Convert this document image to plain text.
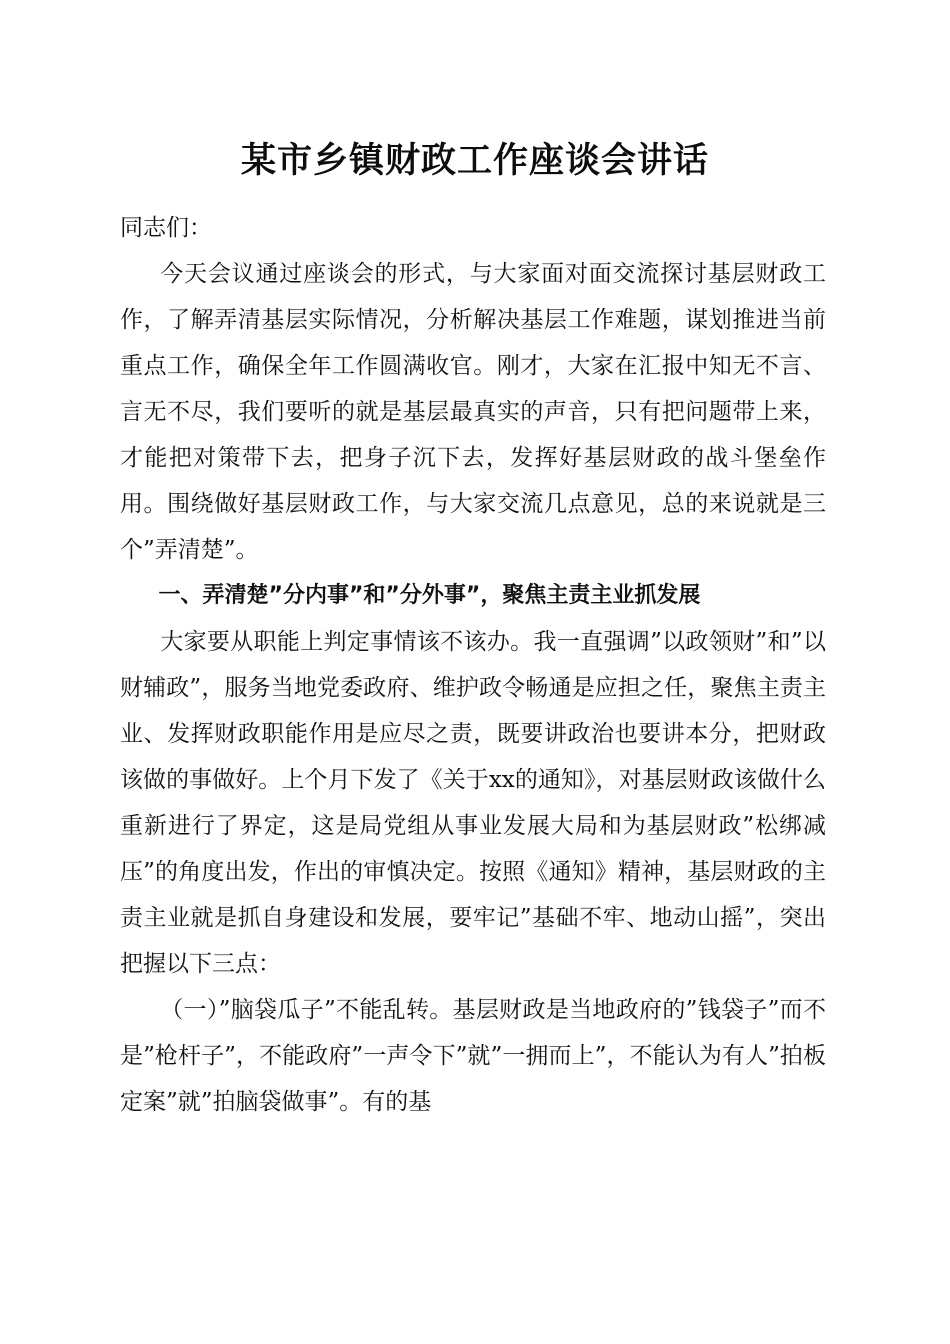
某市乡镇财政工作座谈会讲话

同志们：

今天会议通过座谈会的形式，与大家面对面交流探讨基层财政工作，了解弄清基层实际情况，分析解决基层工作难题，谋划推进当前重点工作，确保全年工作圆满收官。刚才，大家在汇报中知无不言、言无不尽，我们要听的就是基层最真实的声音，只有把问题带上来，才能把对策带下去，把身子沉下去，发挥好基层财政的战斗堡垒作用。围绕做好基层财政工作，与大家交流几点意见，总的来说就是三个”弄清楚”。

一、弄清楚”分内事”和”分外事”，聚焦主责主业抓发展

大家要从职能上判定事情该不该办。我一直强调”以政领财”和”以财辅政”，服务当地党委政府、维护政令畅通是应担之任，聚焦主责主业、发挥财政职能作用是应尽之责，既要讲政治也要讲本分，把财政该做的事做好。上个月下发了《关于xx的通知》，对基层财政该做什么重新进行了界定，这是局党组从事业发展大局和为基层财政”松绑减压”的角度出发，作出的审慎决定。按照《通知》精神，基层财政的主责主业就是抓自身建设和发展，要牢记”基础不牢、地动山摇”，突出把握以下三点：

（一）”脑袋瓜子”不能乱转。基层财政是当地政府的”钱袋子”而不是”枪杆子”，不能政府”一声令下”就”一拥而上”，不能认为有人”拍板定案”就”拍脑袋做事”。有的基
